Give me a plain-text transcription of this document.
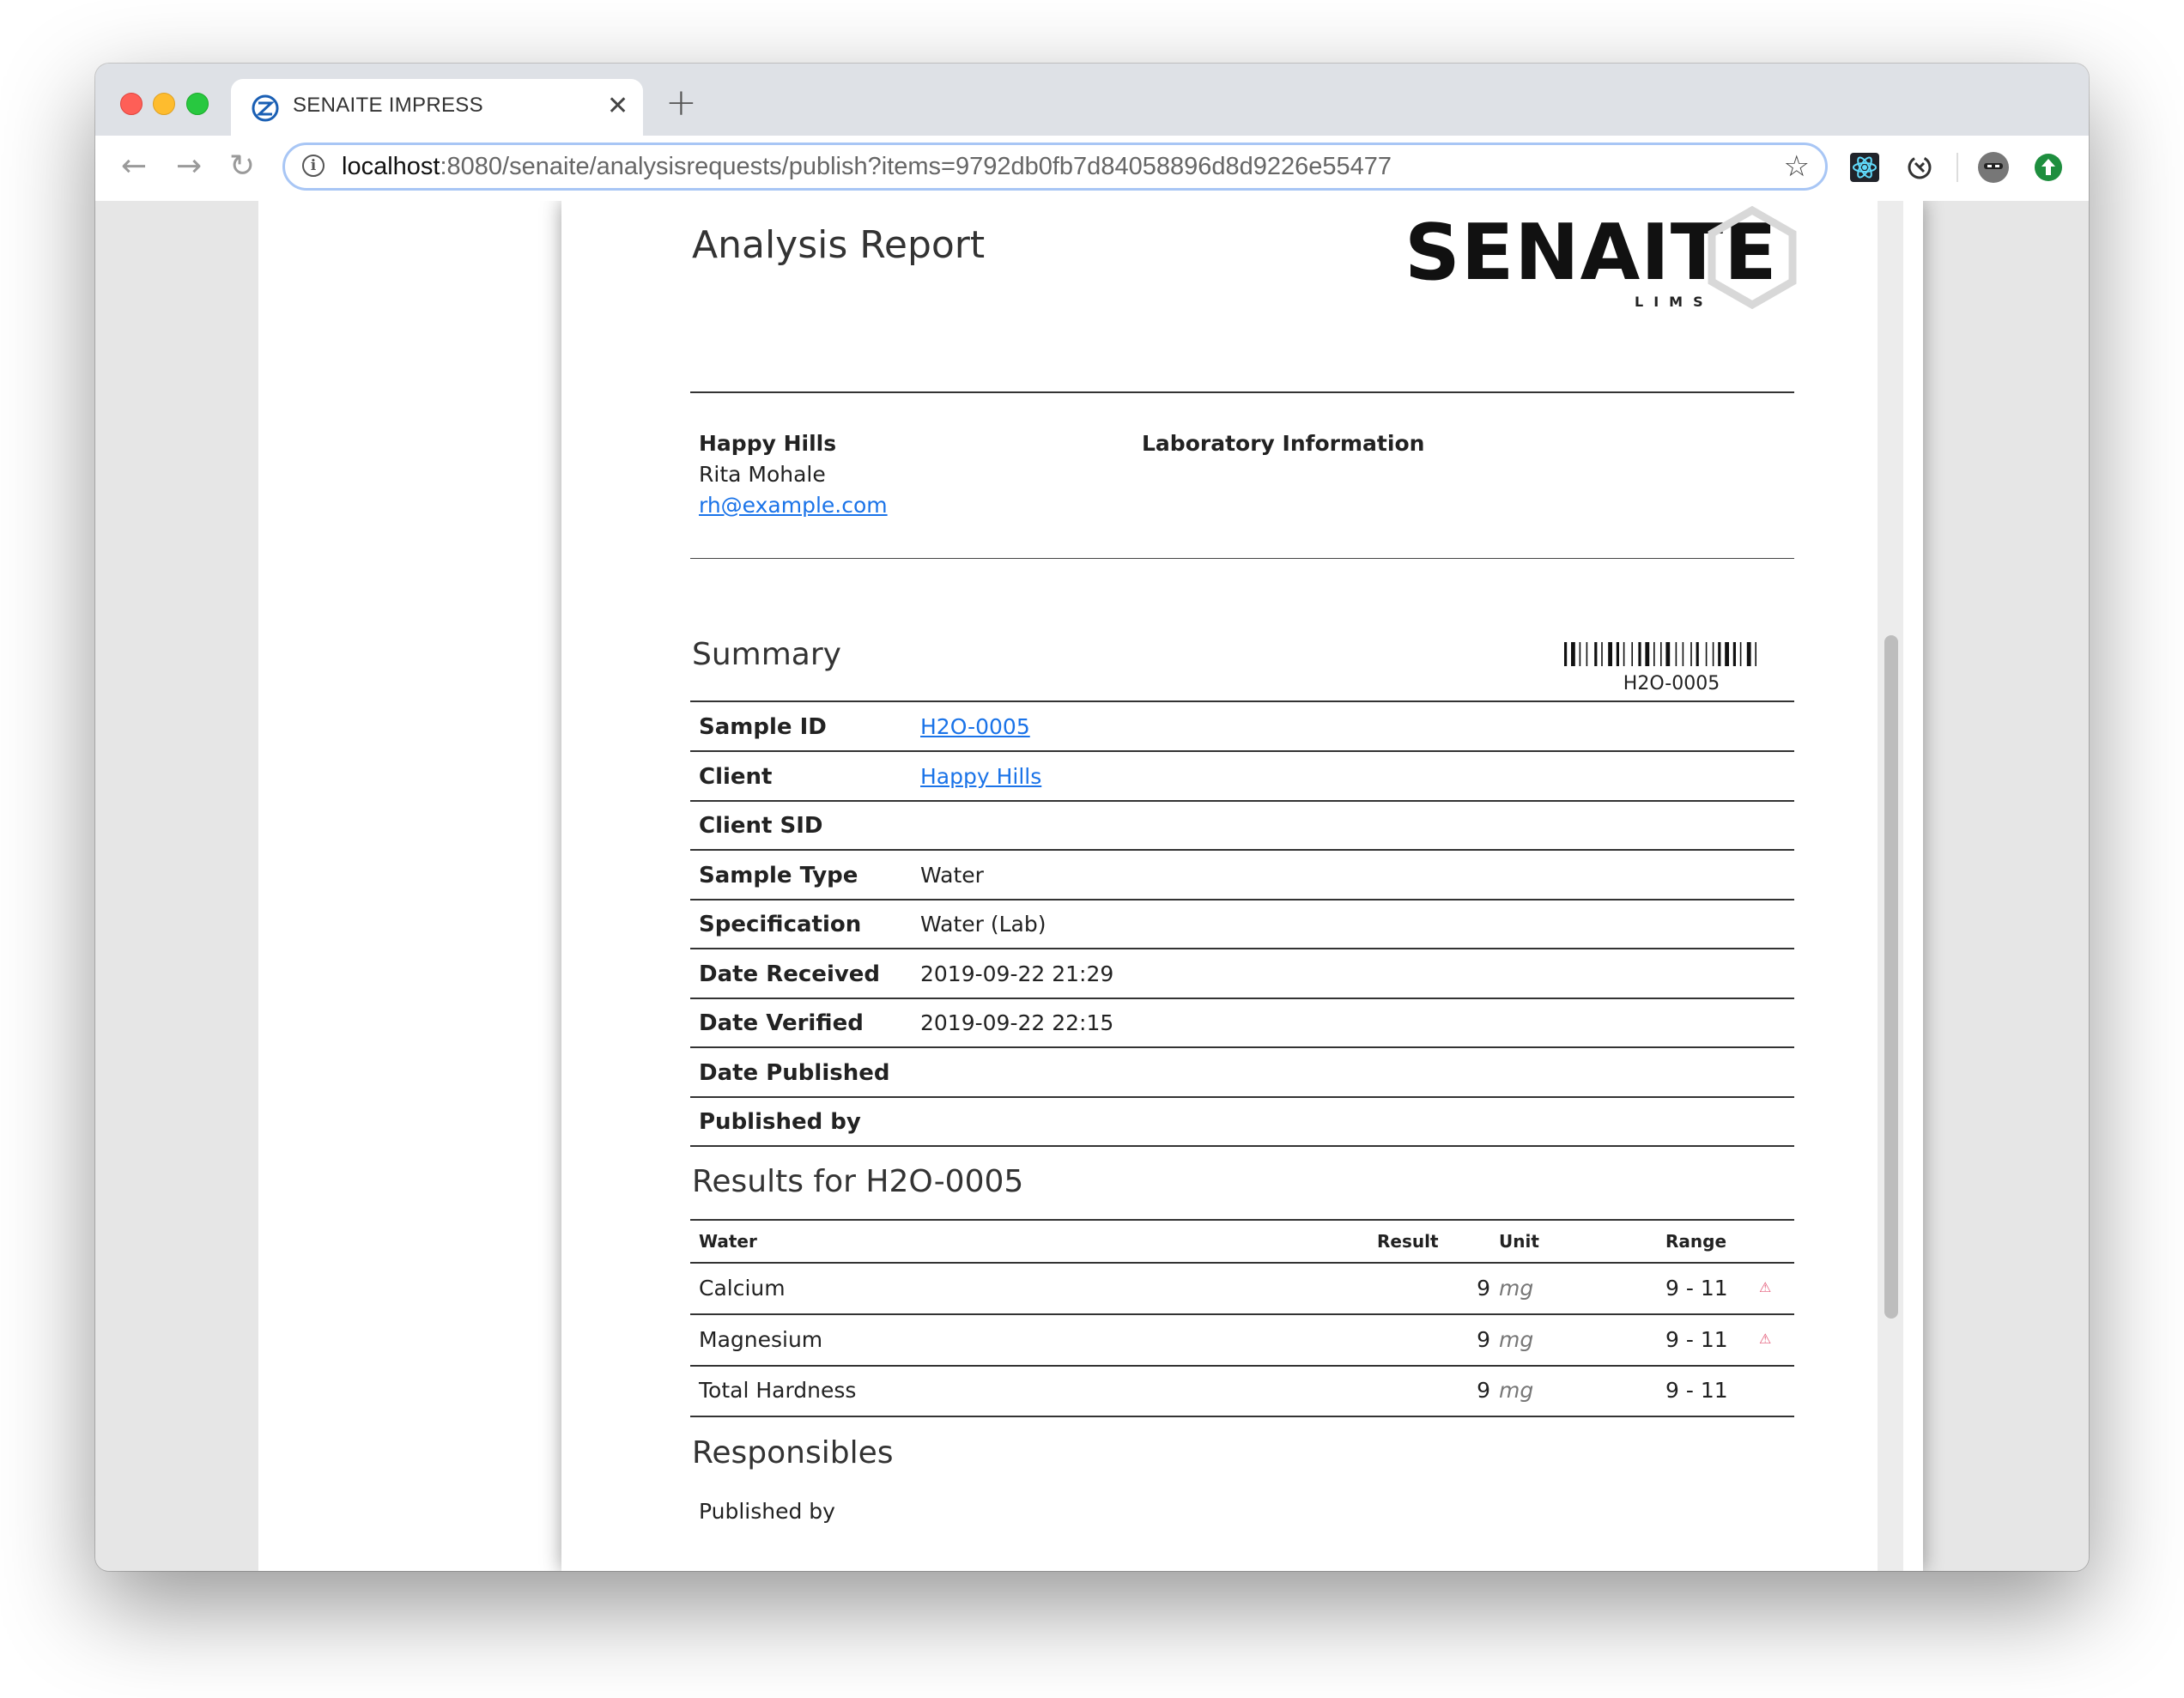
SENAITE IMPRESS	✕ +
← → ↻
i	localhost:8080/senaite/analysisrequests/publish?items=9792db0fb7d84058896d8d9226e55477	☆
Analysis Report	SENAITE
LIMS
Happy Hills
Rita Mohale
rh@example.com
Laboratory Information
Summary
H2O-0005
Sample ID	H2O-0005
Client	Happy Hills
Client SID
Sample Type	Water
Specification	Water (Lab)
Date Received 2019-09-22 21:29
Date Verified	2019-09-22 22:15
Date Published
Published by
Results for H2O-0005
Water	Result	Unit	Range
Calcium	9 mg	9 - 11 ⚠
Magnesium	9 mg	9 - 11 ⚠
Total Hardness	9 mg	9 - 11
Responsibles
Published by
